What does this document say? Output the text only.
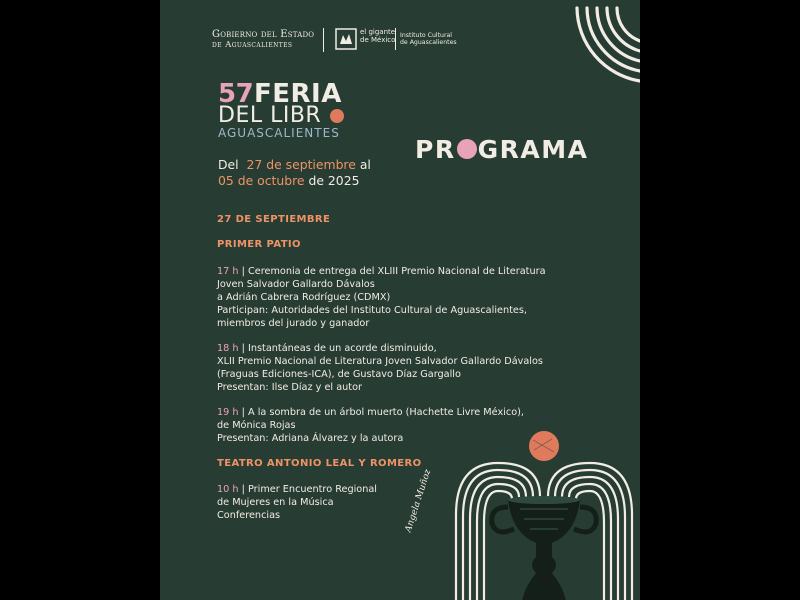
Gobierno del Estado
de Aguascalientes
el gigante
de México
Instituto Cultural
de Aguascalientes
57 FERIA
DEL LIBR
AGUASCALIENTES
PR GRAMA
Del 27 de septiembre al
05 de octubre de 2025
27 DE SEPTIEMBRE
PRIMER PATIO
17 h | Ceremonia de entrega del XLIII Premio Nacional de Literatura
Joven Salvador Gallardo Dávalos
a Adrián Cabrera Rodríguez (CDMX)
Participan: Autoridades del Instituto Cultural de Aguascalientes,
miembros del jurado y ganador
18 h | Instantáneas de un acorde disminuido,
XLII Premio Nacional de Literatura Joven Salvador Gallardo Dávalos
(Fraguas Ediciones-ICA), de Gustavo Díaz Gargallo
Presentan: Ilse Díaz y el autor
19 h | A la sombra de un árbol muerto (Hachette Livre México),
de Mónica Rojas
Presentan: Adriana Álvarez y la autora
TEATRO ANTONIO LEAL Y ROMERO
10 h | Primer Encuentro Regional
de Mujeres en la Música
Conferencias	Angela Muñoz
